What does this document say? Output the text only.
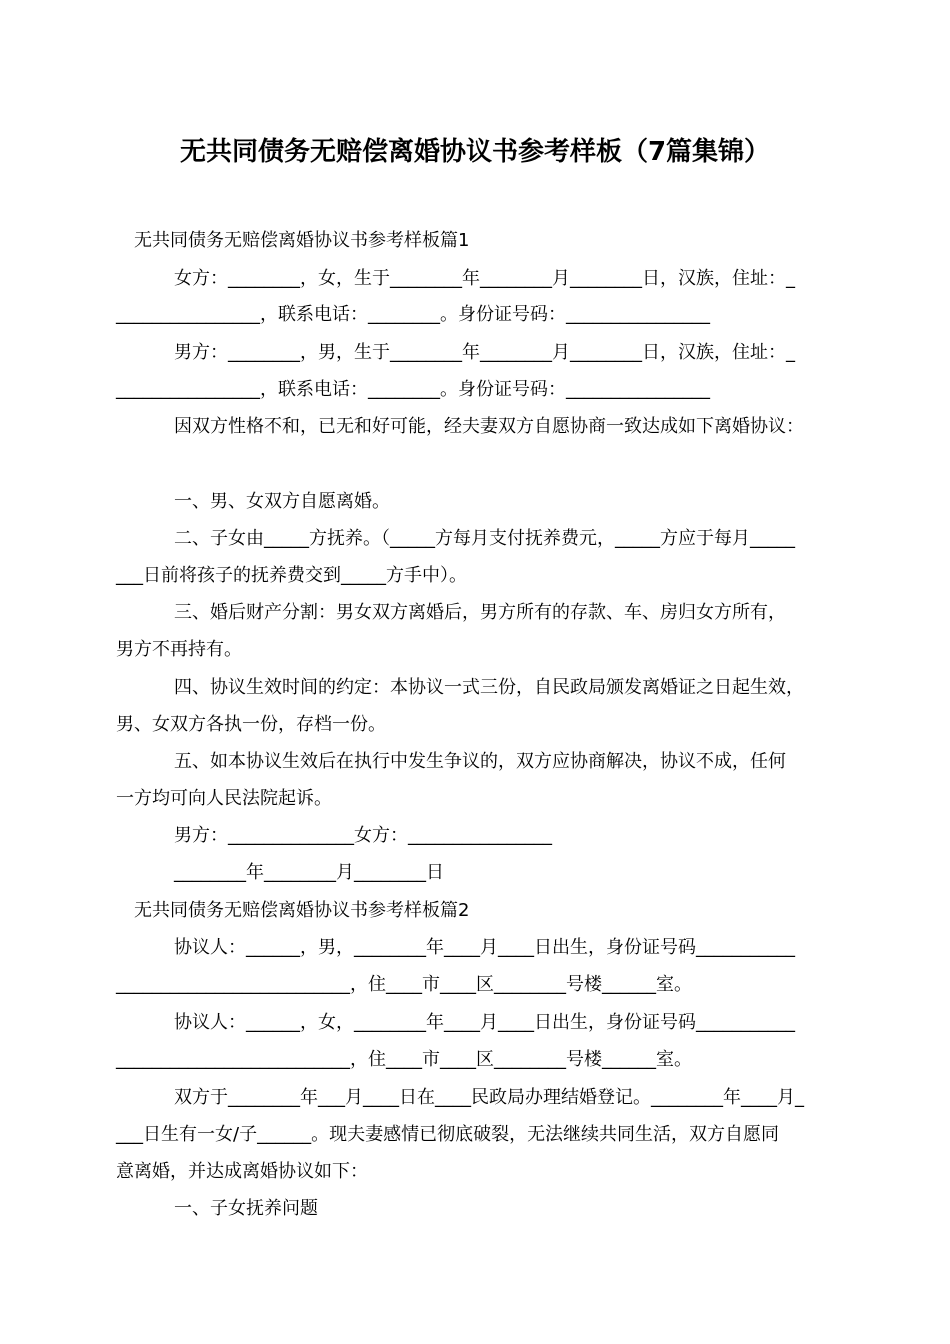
无共同债务无赔偿离婚协议书参考样板（7篇集锦）
无共同债务无赔偿离婚协议书参考样板篇1
女方：________，女，生于________年________月________日，汉族，住址：_
________________，联系电话：________。身份证号码：________________
男方：________，男，生于________年________月________日，汉族，住址：_
________________，联系电话：________。身份证号码：________________
因双方性格不和，已无和好可能，经夫妻双方自愿协商一致达成如下离婚协议：
一、男、女双方自愿离婚。
二、子女由_____方抚养。（_____方每月支付抚养费元，_____方应于每月_____
___日前将孩子的抚养费交到_____方手中）。
三、婚后财产分割：男女双方离婚后，男方所有的存款、车、房归女方所有，
男方不再持有。
四、协议生效时间的约定：本协议一式三份，自民政局颁发离婚证之日起生效，
男、女双方各执一份，存档一份。
五、如本协议生效后在执行中发生争议的，双方应协商解决，协议不成，任何
一方均可向人民法院起诉。
男方：______________女方：________________
________年________月________日
无共同债务无赔偿离婚协议书参考样板篇2
协议人：______，男，________年____月____日出生，身份证号码___________
__________________________，住____市____区________号楼______室。
协议人：______，女，________年____月____日出生，身份证号码___________
__________________________，住____市____区________号楼______室。
双方于________年___月____日在____民政局办理结婚登记。________年____月_
___日生有一女/子______。现夫妻感情已彻底破裂，无法继续共同生活，双方自愿同
意离婚，并达成离婚协议如下：
一、子女抚养问题
